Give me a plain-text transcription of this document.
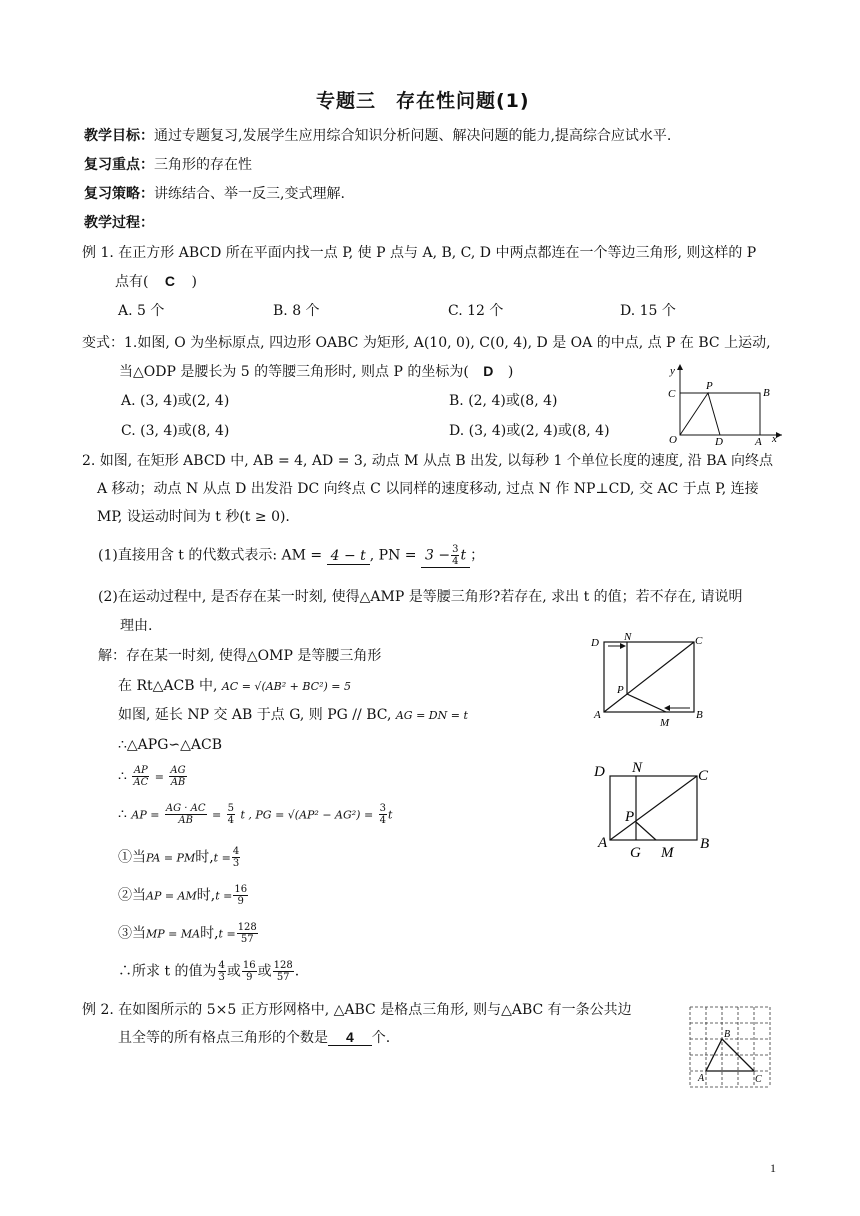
专题三　存在性问题(1)
教学目标：通过专题复习,发展学生应用综合知识分析问题、解决问题的能力,提高综合应试水平.
复习重点：三角形的存在性
复习策略：讲练结合、举一反三,变式理解.
教学过程：
例 1. 在正方形 ABCD 所在平面内找一点 P, 使 P 点与 A, B, C, D 中两点都连在一个等边三角形, 则这样的 P
点有( C )
A. 5 个	B. 8 个	C. 12 个	D. 15 个
变式：1.如图, O 为坐标原点, 四边形 OABC 为矩形, A(10, 0), C(0, 4), D 是 OA 的中点, 点 P 在 BC 上运动,
当△ODP 是腰长为 5 的等腰三角形时, 则点 P 的坐标为( D )
A. (3, 4)或(2, 4)	B. (2, 4)或(8, 4)
C. (3, 4)或(8, 4)	D. (3, 4)或(2, 4)或(8, 4)
y
x
C
P
B
O	D	A
2. 如图, 在矩形 ABCD 中, AB = 4, AD = 3, 动点 M 从点 B 出发, 以每秒 1 个单位长度的速度, 沿 BA 向终点
A 移动；动点 N 从点 D 出发沿 DC 向终点 C 以同样的速度移动, 过点 N 作 NP⊥CD, 交 AC 于点 P, 连接
MP, 设运动时间为 t 秒(t ≥ 0).
(1)直接用含 t 的代数式表示: AM = 4 − t , PN = $3 - \frac{3}{4}$ t ；
(2)在运动过程中, 是否存在某一时刻, 使得△AMP 是等腰三角形?若存在, 求出 t 的值；若不存在, 请说明
理由.
解：存在某一时刻, 使得△OMP 是等腰三角形
在 Rt△ACB 中, AC = √(AB² + BC²) = 5
如图, 延长 NP 交 AB 于点 G, 则 PG // BC, AG = DN = t
∴△APG∽△ACB
∴ $\frac{AP}{AC} = \frac{AG}{AB}$
∴ AP = $\frac{AG \cdot AC}{AB} = \frac{5}{4}$ t , PG = $√(AP^2 - AG^2) = \frac{3}{4}$ t
①当PA = PM时$,t = \frac{4}{3}$
②当AP = AM时$,t = \frac{16}{9}$
③当MP = MA时$,t = \frac{128}{57}$
∴所求 t 的值为 $\frac{4}{3}$ 或 $\frac{16}{9}$ 或 $\frac{128}{57}$ .
D N	C
P
A
M
B
D N	C
P
A
G M
B
例 2. 在如图所示的 5×5 正方形网格中, △ABC 是格点三角形, 则与△ABC 有一条公共边
且全等的所有格点三角形的个数是 4 个.
A
B
C
1
